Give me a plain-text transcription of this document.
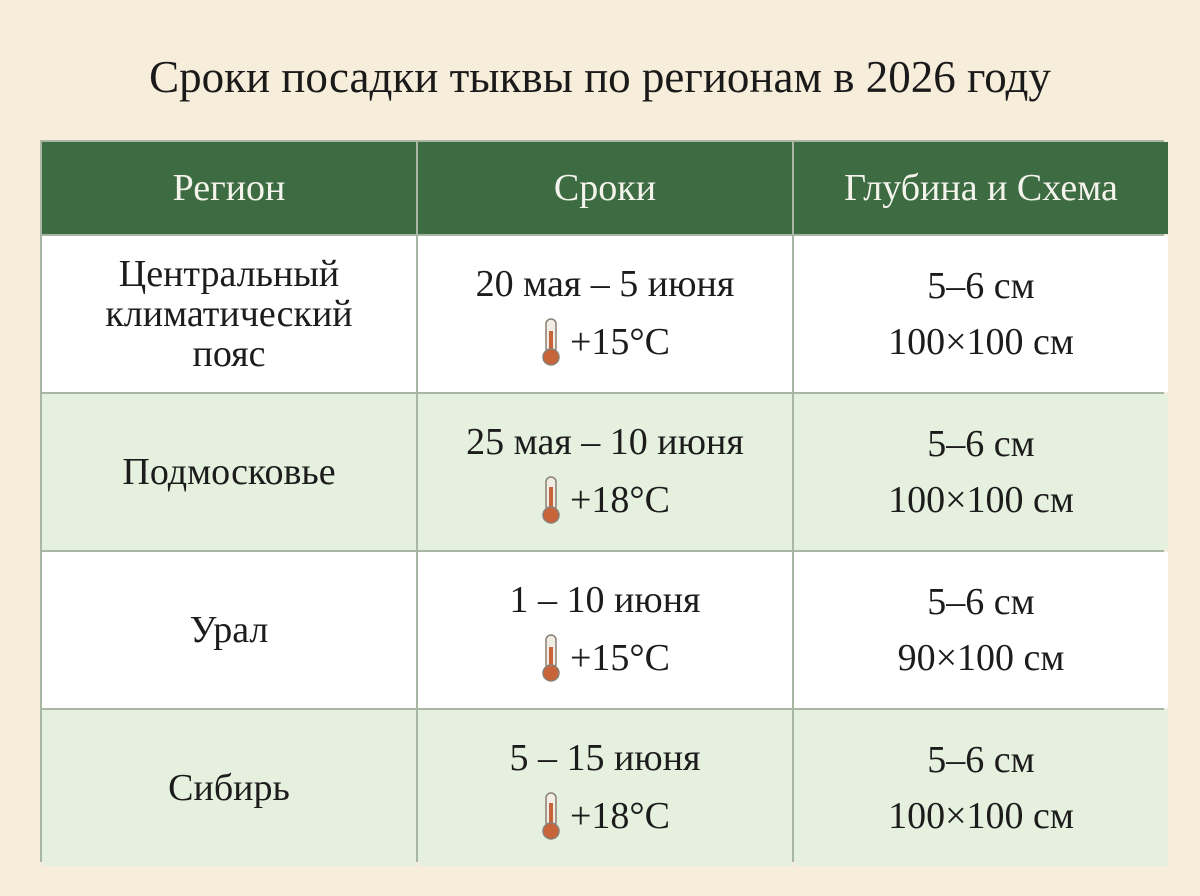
Сроки посадки тыквы по регионам в 2026 году
Регион	Сроки	Глубина и Схема
Центральный
климатический
пояс
20 мая – 5 июня
+15°C
5–6 см
100×100 см
Подмосковье
25 мая – 10 июня
+18°C
5–6 см
100×100 см
Урал
1 – 10 июня
+15°C
5–6 см
90×100 см
Сибирь
5 – 15 июня
+18°C
5–6 см
100×100 см
